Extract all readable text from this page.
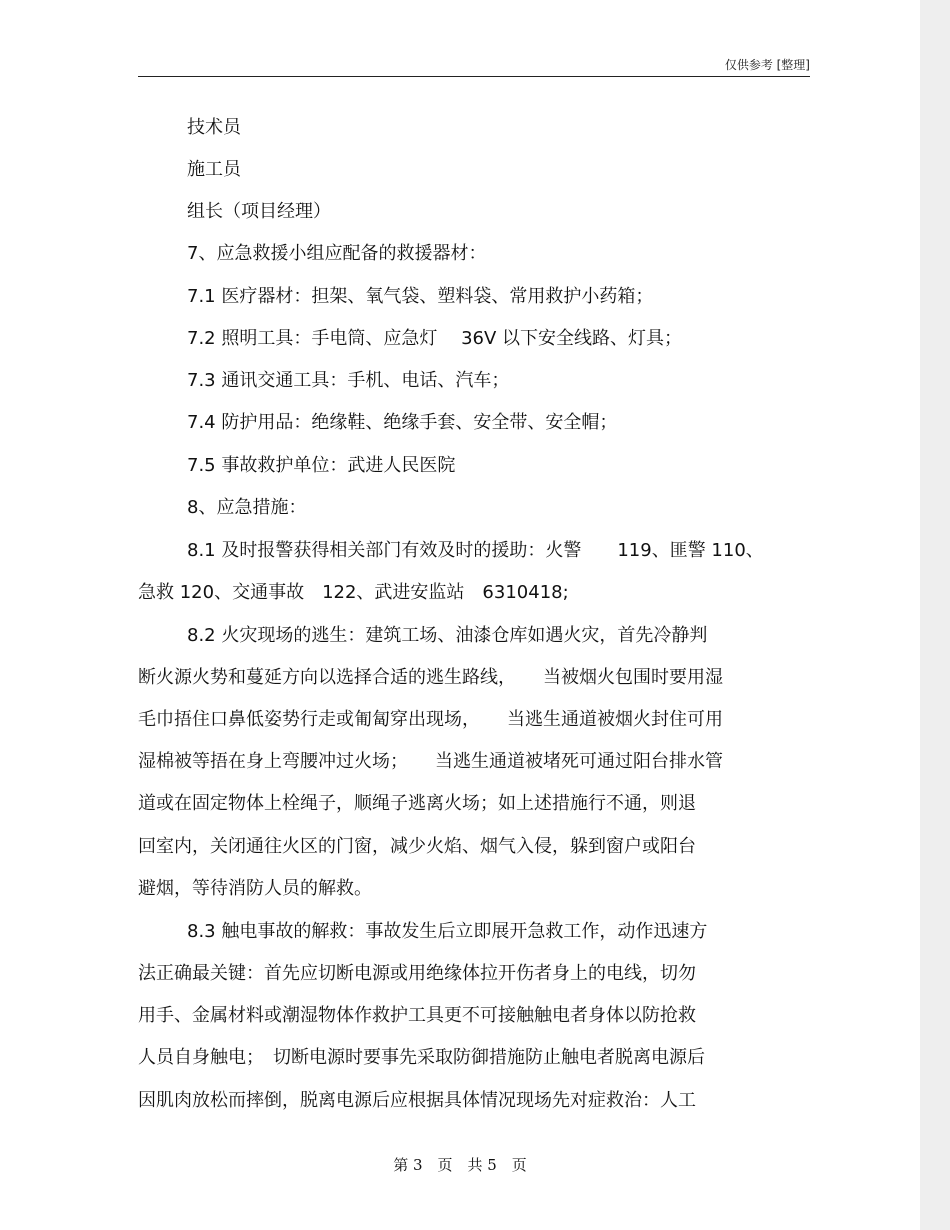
仅供参考 [整理]
技术员
施工员
组长（项目经理）
7、应急救援小组应配备的救援器材：
7.1 医疗器材：担架、氧气袋、塑料袋、常用救护小药箱；
7.2 照明工具：手电筒、应急灯　 36V 以下安全线路、灯具；
7.3 通讯交通工具：手机、电话、汽车；
7.4 防护用品：绝缘鞋、绝缘手套、安全带、安全帽；
7.5 事故救护单位：武进人民医院
8、应急措施：
8.1 及时报警获得相关部门有效及时的援助：火警　　119、匪警 110、
急救 120、交通事故　122、武进安监站　6310418;
8.2 火灾现场的逃生：建筑工场、油漆仓库如遇火灾，首先冷静判
断火源火势和蔓延方向以选择合适的逃生路线，　　当被烟火包围时要用湿
毛巾捂住口鼻低姿势行走或匍匐穿出现场，　　当逃生通道被烟火封住可用
湿棉被等捂在身上弯腰冲过火场；　　当逃生通道被堵死可通过阳台排水管
道或在固定物体上栓绳子，顺绳子逃离火场；如上述措施行不通，则退
回室内，关闭通往火区的门窗，减少火焰、烟气入侵，躲到窗户或阳台
避烟，等待消防人员的解救。
8.3 触电事故的解救：事故发生后立即展开急救工作，动作迅速方
法正确最关键：首先应切断电源或用绝缘体拉开伤者身上的电线，切勿
用手、金属材料或潮湿物体作救护工具更不可接触触电者身体以防抢救
人员自身触电；　切断电源时要事先采取防御措施防止触电者脱离电源后
因肌肉放松而摔倒，脱离电源后应根据具体情况现场先对症救治：人工
第 3　页　共 5　页
